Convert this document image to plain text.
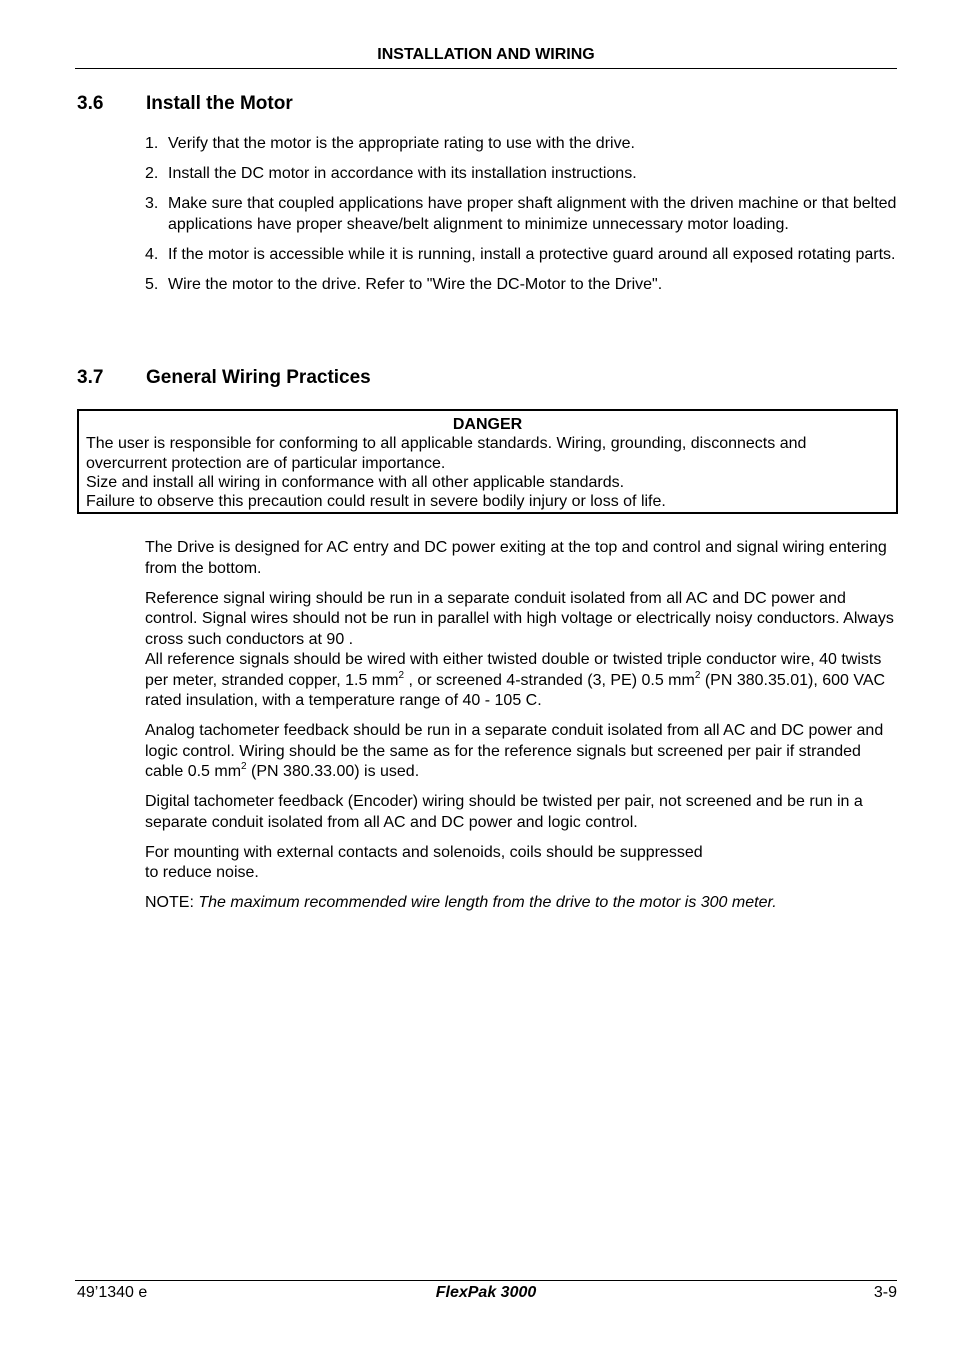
INSTALLATION AND WIRING
3.6 Install the Motor
1. Verify that the motor is the appropriate rating to use with the drive.
2. Install the DC motor in accordance with its installation instructions.
3. Make sure that coupled applications have proper shaft alignment with the driven machine or that belted applications have proper sheave/belt alignment to minimize unnecessary motor loading.
4. If the motor is accessible while it is running, install a protective guard around all exposed rotating parts.
5. Wire the motor to the drive. Refer to "Wire the DC-Motor to the Drive".
3.7 General Wiring Practices
DANGER
The user is responsible for conforming to all applicable standards. Wiring, grounding, disconnects and overcurrent protection are of particular importance.
Size and install all wiring in conformance with all other applicable standards.
Failure to observe this precaution could result in severe bodily injury or loss of life.

The Drive is designed for AC entry and DC power exiting at the top and control and signal wiring entering from the bottom.

Reference signal wiring should be run in a separate conduit isolated from all AC and DC power and control. Signal wires should not be run in parallel with high voltage or electrically noisy conductors. Always cross such conductors at 90 .
All reference signals should be wired with either twisted double or twisted triple conductor wire, 40 twists per meter, stranded copper, 1.5 $mm^2$ , or screened 4-stranded (3, PE) 0.5 $mm^2$ (PN 380.35.01), 600 VAC rated insulation, with a temperature range of 40 - 105 C.

Analog tachometer feedback should be run in a separate conduit isolated from all AC and DC power and logic control. Wiring should be the same as for the reference signals but screened per pair if stranded cable 0.5 $mm^2$ (PN 380.33.00) is used.

Digital tachometer feedback (Encoder) wiring should be twisted per pair, not screened and be run in a separate conduit isolated from all AC and DC power and logic control.

For mounting with external contacts and solenoids, coils should be suppressed
to reduce noise.

NOTE: The maximum recommended wire length from the drive to the motor is 300 meter.

49’1340 e	FlexPak 3000	3-9
